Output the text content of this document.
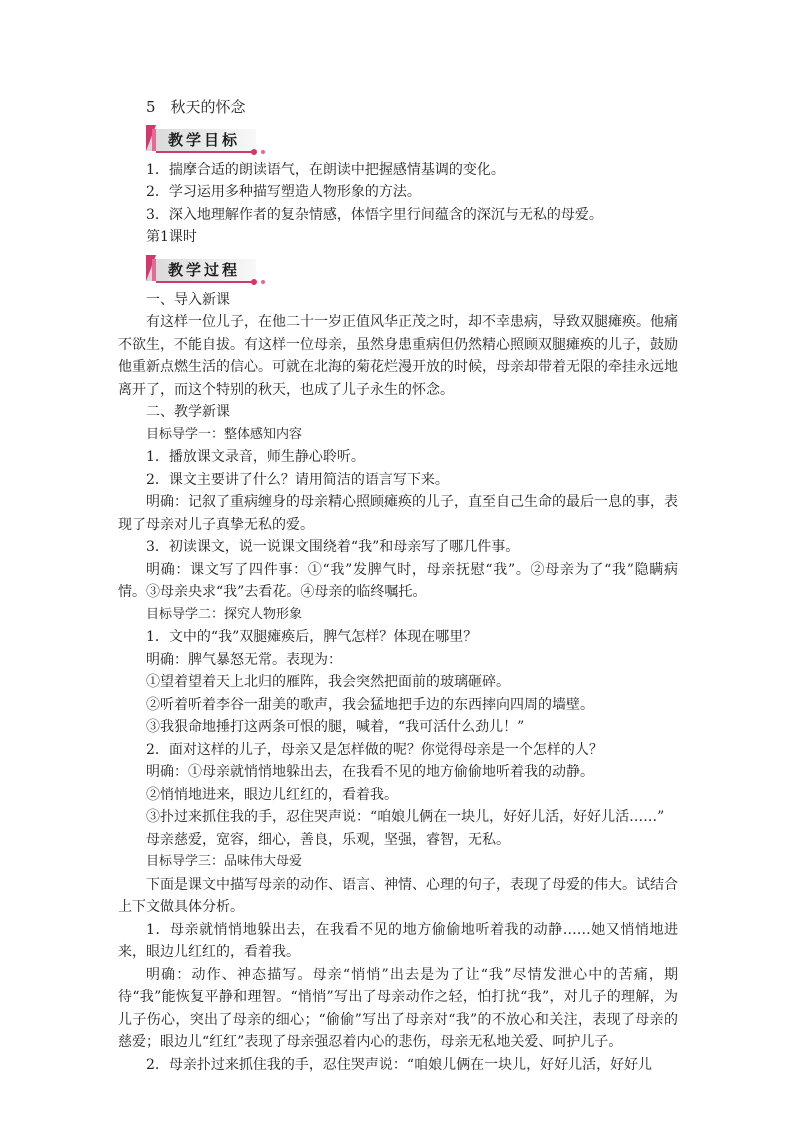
5　秋天的怀念

教学目标

1．揣摩合适的朗读语气，在朗读中把握感情基调的变化。

2．学习运用多种描写塑造人物形象的方法。

3．深入地理解作者的复杂情感，体悟字里行间蕴含的深沉与无私的母爱。

第1课时

教学过程

一、导入新课

有这样一位儿子，在他二十一岁正值风华正茂之时，却不幸患病，导致双腿瘫痪。他痛不欲生，不能自拔。有这样一位母亲，虽然身患重病但仍然精心照顾双腿瘫痪的儿子，鼓励他重新点燃生活的信心。可就在北海的菊花烂漫开放的时候，母亲却带着无限的牵挂永远地离开了，而这个特别的秋天，也成了儿子永生的怀念。

二、教学新课

目标导学一：整体感知内容

1．播放课文录音，师生静心聆听。

2．课文主要讲了什么？请用简洁的语言写下来。

明确：记叙了重病缠身的母亲精心照顾瘫痪的儿子，直至自己生命的最后一息的事，表现了母亲对儿子真挚无私的爱。

3．初读课文，说一说课文围绕着“我”和母亲写了哪几件事。

明确：课文写了四件事：①“我”发脾气时，母亲抚慰“我”。②母亲为了“我”隐瞒病情。③母亲央求“我”去看花。④母亲的临终嘱托。

目标导学二：探究人物形象

1．文中的“我”双腿瘫痪后，脾气怎样？体现在哪里？

明确：脾气暴怒无常。表现为：

①望着望着天上北归的雁阵，我会突然把面前的玻璃砸碎。

②听着听着李谷一甜美的歌声，我会猛地把手边的东西摔向四周的墙壁。

③我狠命地捶打这两条可恨的腿，喊着，“我可活什么劲儿！”

2．面对这样的儿子，母亲又是怎样做的呢？你觉得母亲是一个怎样的人？

明确：①母亲就悄悄地躲出去，在我看不见的地方偷偷地听着我的动静。

②悄悄地进来，眼边儿红红的，看着我。

③扑过来抓住我的手，忍住哭声说：“咱娘儿俩在一块儿，好好儿活，好好儿活……”

母亲慈爱，宽容，细心，善良，乐观，坚强，睿智，无私。

目标导学三：品味伟大母爱

下面是课文中描写母亲的动作、语言、神情、心理的句子，表现了母爱的伟大。试结合上下文做具体分析。

1．母亲就悄悄地躲出去，在我看不见的地方偷偷地听着我的动静……她又悄悄地进来，眼边儿红红的，看着我。

明确：动作、神态描写。母亲“悄悄”出去是为了让“我”尽情发泄心中的苦痛，期待“我”能恢复平静和理智。“悄悄”写出了母亲动作之轻，怕打扰“我”，对儿子的理解，为儿子伤心，突出了母亲的细心；“偷偷”写出了母亲对“我”的不放心和关注，表现了母亲的慈爱；眼边儿“红红”表现了母亲强忍着内心的悲伤，母亲无私地关爱、呵护儿子。

2．母亲扑过来抓住我的手，忍住哭声说：“咱娘儿俩在一块儿，好好儿活，好好儿
